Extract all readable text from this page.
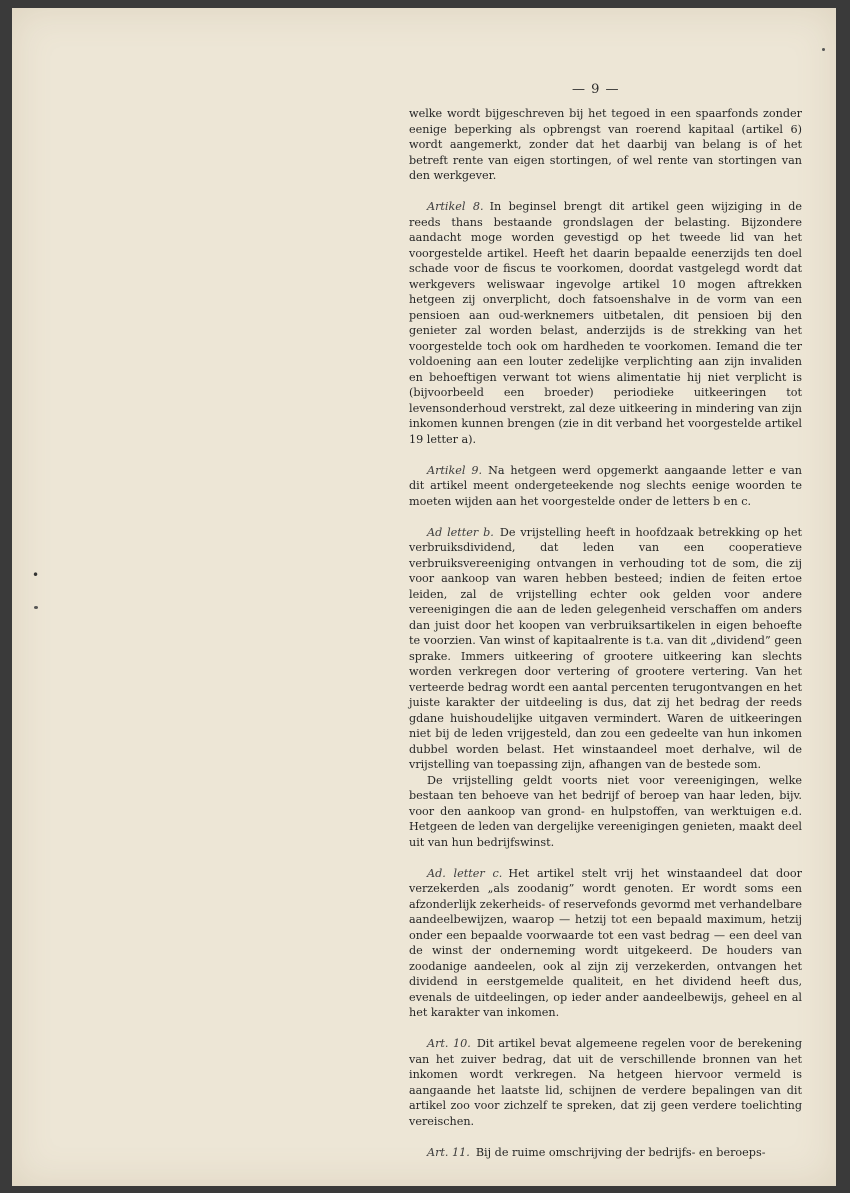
— 9 —
•

welke wordt bijgeschreven bij het tegoed in een spaarfonds zonder eenige beperking als opbrengst van roerend kapitaal (artikel 6) wordt aangemerkt, zonder dat het daarbij van belang is of het betreft rente van eigen stortingen, of wel rente van stortingen van den werkgever.

Artikel 8. In beginsel brengt dit artikel geen wijziging in de reeds thans bestaande grondslagen der belasting. Bijzondere aandacht moge worden gevestigd op het tweede lid van het voorgestelde artikel. Heeft het daarin bepaalde eenerzijds ten doel schade voor de fiscus te voorkomen, doordat vastgelegd wordt dat werkgevers weliswaar ingevolge artikel 10 mogen aftrekken hetgeen zij onverplicht, doch fatsoenshalve in de vorm van een pensioen aan oud-werknemers uitbetalen, dit pensioen bij den genieter zal worden belast, anderzijds is de strekking van het voorgestelde toch ook om hardheden te voorkomen. Iemand die ter voldoening aan een louter zedelijke verplichting aan zijn invaliden en behoeftigen verwant tot wiens alimentatie hij niet verplicht is (bijvoorbeeld een broeder) periodieke uitkeeringen tot levensonderhoud verstrekt, zal deze uitkeering in mindering van zijn inkomen kunnen brengen (zie in dit verband het voorgestelde artikel 19 letter a).

Artikel 9. Na hetgeen werd opgemerkt aangaande letter e van dit artikel meent ondergeteekende nog slechts eenige woorden te moeten wijden aan het voorgestelde onder de letters b en c.

Ad letter b. De vrijstelling heeft in hoofdzaak betrekking op het verbruiksdividend, dat leden van een cooperatieve verbruiksvereeniging ontvangen in verhouding tot de som, die zij voor aankoop van waren hebben besteed; indien de feiten ertoe leiden, zal de vrijstelling echter ook gelden voor andere vereenigingen die aan de leden gelegenheid verschaffen om anders dan juist door het koopen van verbruiksartikelen in eigen behoefte te voorzien. Van winst of kapitaalrente is t.a. van dit „dividend” geen sprake. Immers uitkeering of grootere uitkeering kan slechts worden verkregen door vertering of grootere vertering. Van het verteerde bedrag wordt een aantal percenten terugontvangen en het juiste karakter der uitdeeling is dus, dat zij het bedrag der reeds gdane huishoudelijke uitgaven vermindert. Waren de uitkeeringen niet bij de leden vrijgesteld, dan zou een gedeelte van hun inkomen dubbel worden belast. Het winstaandeel moet derhalve, wil de vrijstelling van toepassing zijn, afhangen van de bestede som.

De vrijstelling geldt voorts niet voor vereenigingen, welke bestaan ten behoeve van het bedrijf of beroep van haar leden, bijv. voor den aankoop van grond- en hulpstoffen, van werktuigen e.d. Hetgeen de leden van dergelijke vereenigingen genieten, maakt deel uit van hun bedrijfswinst.

Ad. letter c. Het artikel stelt vrij het winstaandeel dat door verzekerden „als zoodanig” wordt genoten. Er wordt soms een afzonderlijk zekerheids- of reservefonds gevormd met verhandelbare aandeelbewijzen, waarop — hetzij tot een bepaald maximum, hetzij onder een bepaalde voorwaarde tot een vast bedrag — een deel van de winst der onderneming wordt uitgekeerd. De houders van zoodanige aandeelen, ook al zijn zij verzekerden, ontvangen het dividend in eerstgemelde qualiteit, en het dividend heeft dus, evenals de uitdeelingen, op ieder ander aandeelbewijs, geheel en al het karakter van inkomen.

Art. 10. Dit artikel bevat algemeene regelen voor de berekening van het zuiver bedrag, dat uit de verschillende bronnen van het inkomen wordt verkregen. Na hetgeen hiervoor vermeld is aangaande het laatste lid, schijnen de verdere bepalingen van dit artikel zoo voor zichzelf te spreken, dat zij geen verdere toelichting vereischen.

Art. 11. Bij de ruime omschrijving der bedrijfs- en beroeps-
